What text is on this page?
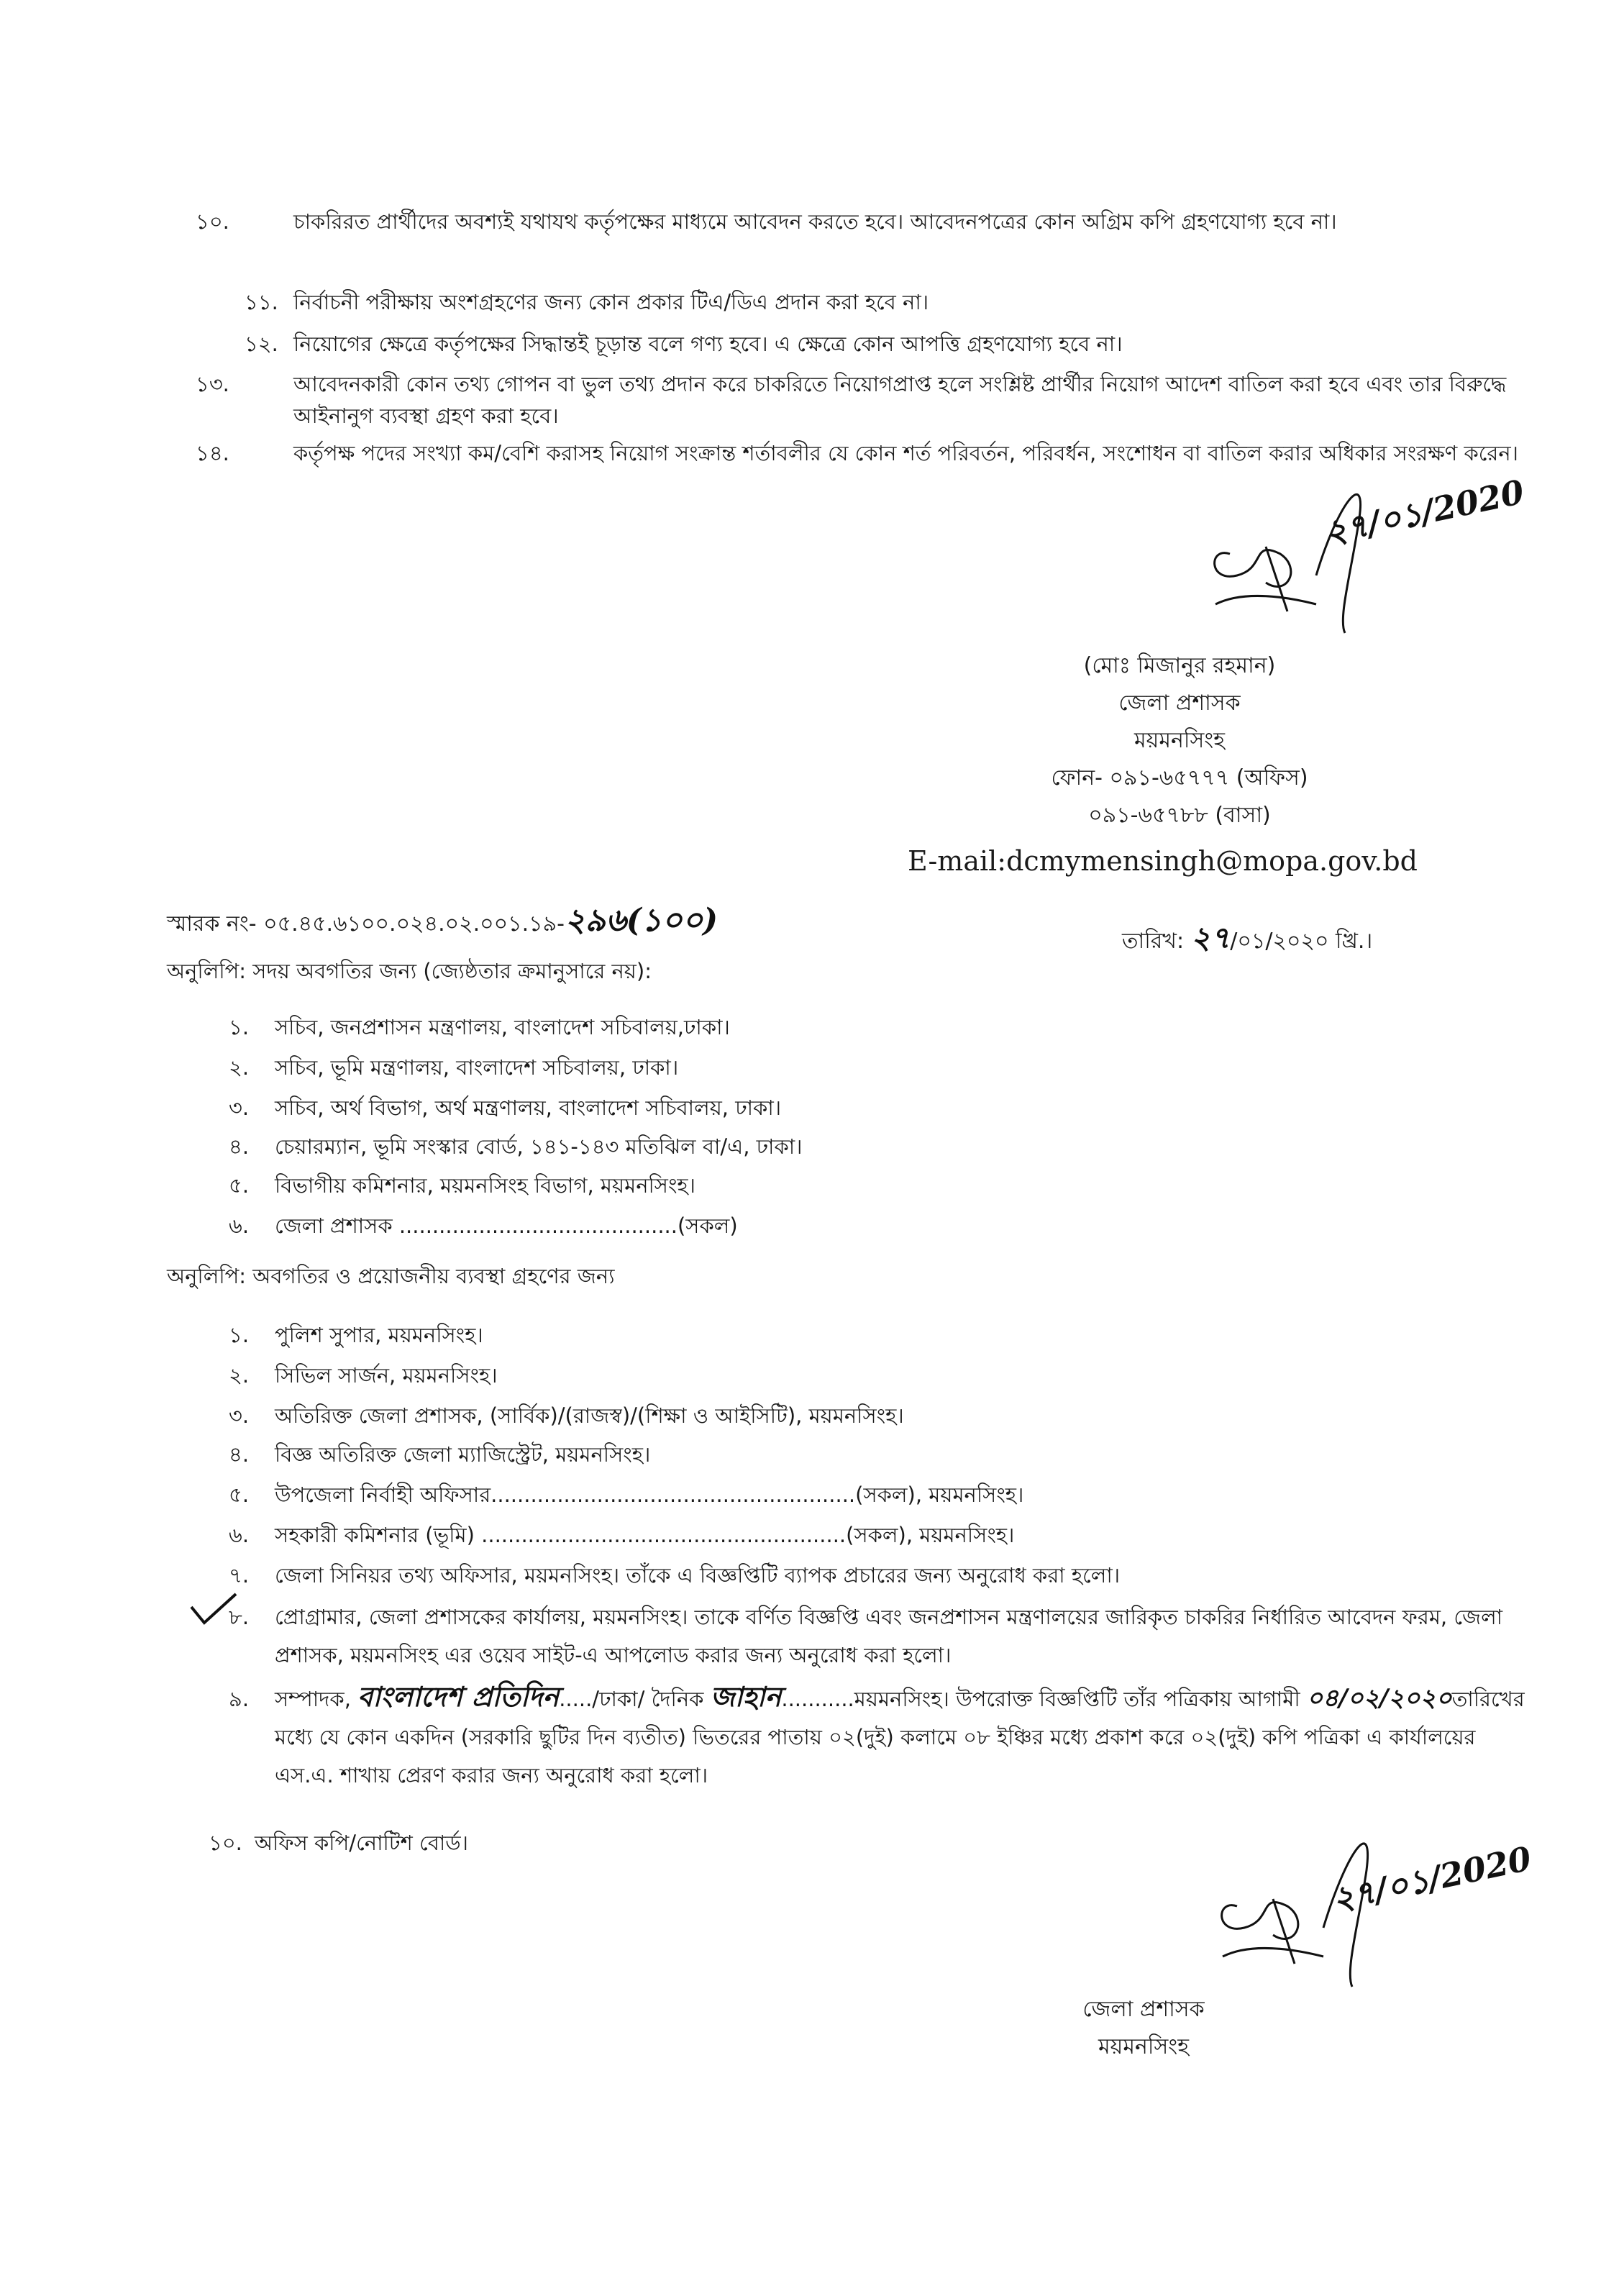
১০.	চাকরিরত প্রার্থীদের অবশ্যই যথাযথ কর্তৃপক্ষের মাধ্যমে আবেদন করতে হবে। আবেদনপত্রের কোন অগ্রিম কপি গ্রহণযোগ্য হবে না।
১১. নির্বাচনী পরীক্ষায় অংশগ্রহণের জন্য কোন প্রকার টিএ/ডিএ প্রদান করা হবে না।
১২. নিয়োগের ক্ষেত্রে কর্তৃপক্ষের সিদ্ধান্তই চূড়ান্ত বলে গণ্য হবে। এ ক্ষেত্রে কোন আপত্তি গ্রহণযোগ্য হবে না।
১৩.	আবেদনকারী কোন তথ্য গোপন বা ভুল তথ্য প্রদান করে চাকরিতে নিয়োগপ্রাপ্ত হলে সংশ্লিষ্ট প্রার্থীর নিয়োগ আদেশ বাতিল করা হবে এবং তার বিরুদ্ধে আইনানুগ ব্যবস্থা গ্রহণ করা হবে।
১৪.	কর্তৃপক্ষ পদের সংখ্যা কম/বেশি করাসহ নিয়োগ সংক্রান্ত শর্তাবলীর যে কোন শর্ত পরিবর্তন, পরিবর্ধন, সংশোধন বা বাতিল করার অধিকার সংরক্ষণ করেন।
২৭/০১/2020
(মোঃ মিজানুর রহমান)
জেলা প্রশাসক
ময়মনসিংহ
ফোন- ০৯১-৬৫৭৭৭ (অফিস)
০৯১-৬৫৭৮৮ (বাসা)
E-mail:dcmymensingh@mopa.gov.bd
স্মারক নং- ০৫.৪৫.৬১০০.০২৪.০২.০০১.১৯-২৯৬(১০০)
তারিখ: ২৭/০১/২০২০ খ্রি.।
অনুলিপি: সদয় অবগতির জন্য (জ্যেষ্ঠতার ক্রমানুসারে নয়):
১. সচিব, জনপ্রশাসন মন্ত্রণালয়, বাংলাদেশ সচিবালয়,ঢাকা।
২. সচিব, ভূমি মন্ত্রণালয়, বাংলাদেশ সচিবালয়, ঢাকা।
৩. সচিব, অর্থ বিভাগ, অর্থ মন্ত্রণালয়, বাংলাদেশ সচিবালয়, ঢাকা।
৪. চেয়ারম্যান, ভূমি সংস্কার বোর্ড, ১৪১-১৪৩ মতিঝিল বা/এ, ঢাকা।
৫. বিভাগীয় কমিশনার, ময়মনসিংহ বিভাগ, ময়মনসিংহ।
৬. জেলা প্রশাসক ..........................................(সকল)
অনুলিপি: অবগতির ও প্রয়োজনীয় ব্যবস্থা গ্রহণের জন্য
১. পুলিশ সুপার, ময়মনসিংহ।
২. সিভিল সার্জন, ময়মনসিংহ।
৩. অতিরিক্ত জেলা প্রশাসক, (সার্বিক)/(রাজস্ব)/(শিক্ষা ও আইসিটি), ময়মনসিংহ।
৪. বিজ্ঞ অতিরিক্ত জেলা ম্যাজিস্ট্রেট, ময়মনসিংহ।
৫. উপজেলা নির্বাহী অফিসার.......................................................(সকল), ময়মনসিংহ।
৬. সহকারী কমিশনার (ভূমি) .......................................................(সকল), ময়মনসিংহ।
৭. জেলা সিনিয়র তথ্য অফিসার, ময়মনসিংহ। তাঁকে এ বিজ্ঞপ্তিটি ব্যাপক প্রচারের জন্য অনুরোধ করা হলো।
৮. প্রোগ্রামার, জেলা প্রশাসকের কার্যালয়, ময়মনসিংহ। তাকে বর্ণিত বিজ্ঞপ্তি এবং জনপ্রশাসন মন্ত্রণালয়ের জারিকৃত চাকরির নির্ধারিত আবেদন ফরম, জেলা প্রশাসক, ময়মনসিংহ এর ওয়েব সাইট-এ আপলোড করার জন্য অনুরোধ করা হলো।
৯. সম্পাদক, বাংলাদেশ প্রতিদিন...../ঢাকা/ দৈনিক জাহান...........ময়মনসিংহ। উপরোক্ত বিজ্ঞপ্তিটি তাঁর পত্রিকায় আগামী ০৪/০২/২০২০তারিখের মধ্যে যে কোন একদিন (সরকারি ছুটির দিন ব্যতীত) ভিতরের পাতায় ০২(দুই) কলামে ০৮ ইঞ্চির মধ্যে প্রকাশ করে ০২(দুই) কপি পত্রিকা এ কার্যালয়ের এস.এ. শাখায় প্রেরণ করার জন্য অনুরোধ করা হলো।
১০. অফিস কপি/নোটিশ বোর্ড।	২৭/০১/2020
জেলা প্রশাসক
ময়মনসিংহ
